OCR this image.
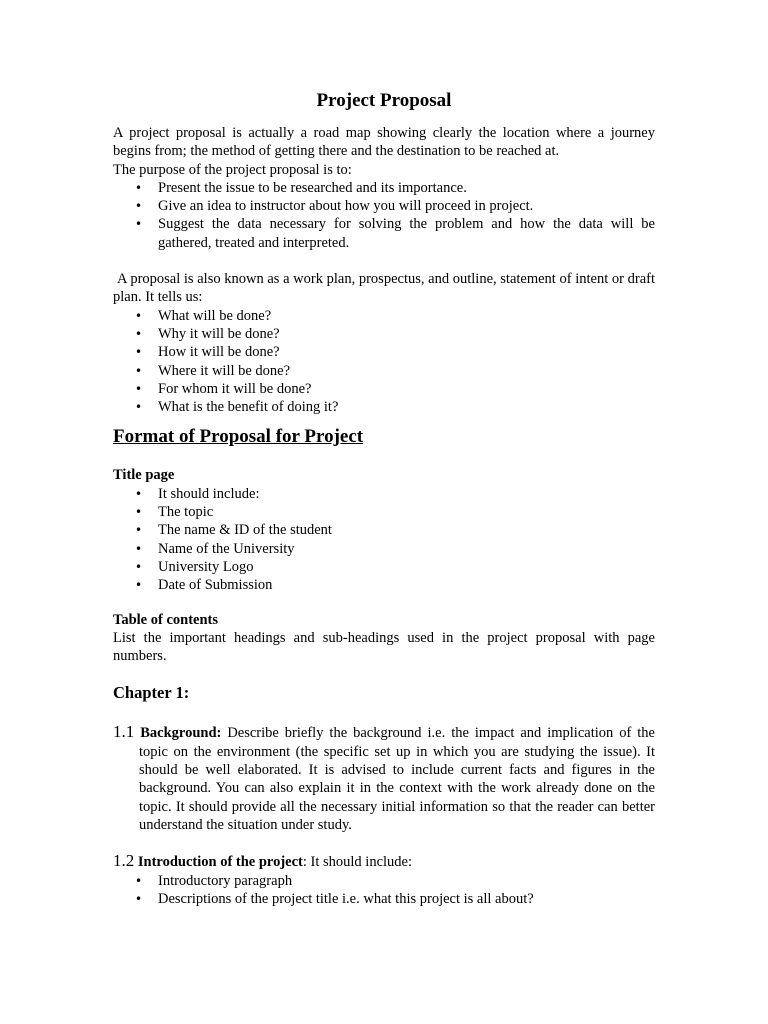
Project Proposal

A project proposal is actually a road map showing clearly the location where a journey begins from; the method of getting there and the destination to be reached at.

The purpose of the project proposal is to:

• Present the issue to be researched and its importance.
• Give an idea to instructor about how you will proceed in project.
• Suggest the data necessary for solving the problem and how the data will be gathered, treated and interpreted.

A proposal is also known as a work plan, prospectus, and outline, statement of intent or draft plan. It tells us:

• What will be done?
• Why it will be done?
• How it will be done?
• Where it will be done?
• For whom it will be done?
• What is the benefit of doing it?
Format of Proposal for Project

Title page

• It should include:
• The topic
• The name & ID of the student
• Name of the University
• University Logo
• Date of Submission

Table of contents

List the important headings and sub-headings used in the project proposal with page numbers.

Chapter 1:

1.1 Background: Describe briefly the background i.e. the impact and implication of the topic on the environment (the specific set up in which you are studying the issue). It should be well elaborated. It is advised to include current facts and figures in the background. You can also explain it in the context with the work already done on the topic. It should provide all the necessary initial information so that the reader can better understand the situation under study.

1.2 Introduction of the project: It should include:

• Introductory paragraph
• Descriptions of the project title i.e. what this project is all about?
